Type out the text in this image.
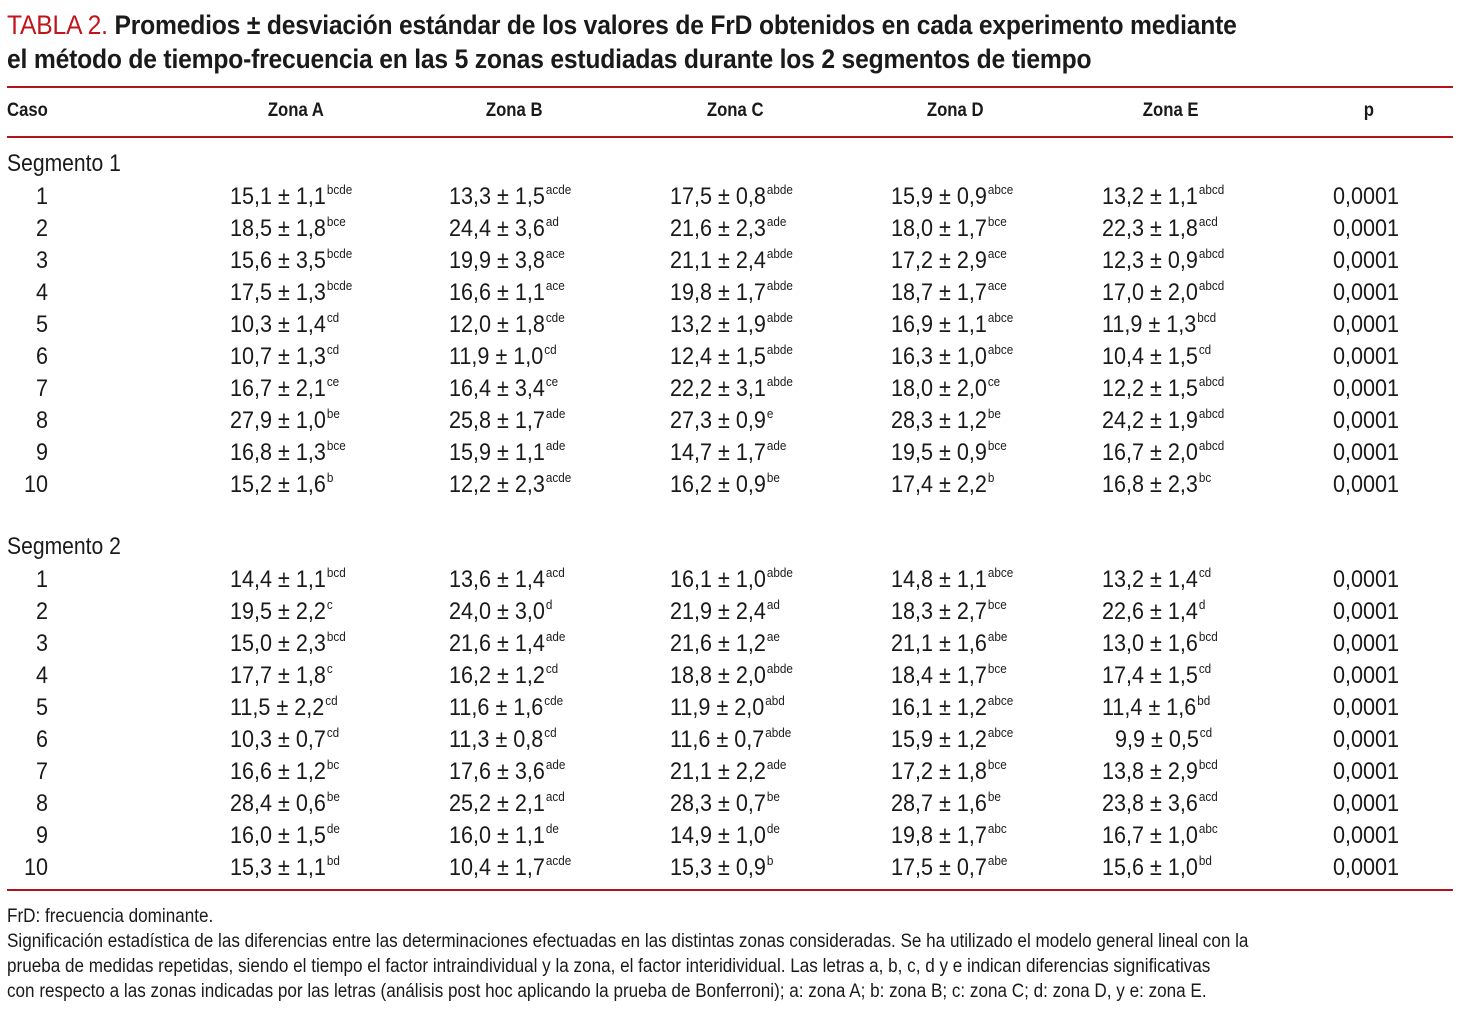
TABLA 2. Promedios ± desviación estándar de los valores de FrD obtenidos en cada experimento mediante
el método de tiempo-frecuencia en las 5 zonas estudiadas durante los 2 segmentos de tiempo
Caso	Zona A	Zona B	Zona C	Zona D	Zona E	p
Segmento 1
1	$15,1 \pm 1,1^{bcde}$	$13,3 \pm 1,5^{acde}$	$17,5 \pm 0,8^{abde}$	$15,9 \pm 0,9^{abce}$	$13,2 \pm 1,1^{abcd}$	0,0001
2	18,5 ± 1,8$^{bce}$	24,4 ± 3,6$^{ad}$	21,6 ± 2,3$^{ade}$	18,0 ± 1,7$^{bce}$	22,3 ± 1,8$^{acd}$	0,0001
3	$15,6 \pm 3,5^{bcde}$	19,9 ± 3,8$^{ace}$	$21,1 \pm 2,4^{abde}$	17,2 ± 2,9$^{ace}$	$12,3 \pm 0,9^{abcd}$	0,0001
4	$17,5 \pm 1,3^{bcde}$	16,6 ± 1,1$^{ace}$	$19,8 \pm 1,7^{abde}$	18,7 ± 1,7$^{ace}$	$17,0 \pm 2,0^{abcd}$	0,0001
5	10,3 ± 1,4$^{cd}$	12,0 ± 1,8$^{cde}$	$13,2 \pm 1,9^{abde}$	$16,9 \pm 1,1^{abce}$	11,9 ± 1,3$^{bcd}$	0,0001
6	10,7 ± 1,3$^{cd}$	11,9 ± 1,0$^{cd}$	$12,4 \pm 1,5^{abde}$	$16,3 \pm 1,0^{abce}$	10,4 ± 1,5$^{cd}$	0,0001
7	16,7 ± 2,1$^{ce}$	16,4 ± 3,4$^{ce}$	$22,2 \pm 3,1^{abde}$	18,0 ± 2,0$^{ce}$	$12,2 \pm 1,5^{abcd}$	0,0001
8	27,9 ± 1,0$^{be}$	25,8 ± 1,7$^{ade}$	27,3 ± 0,9$^e$	28,3 ± 1,2$^{be}$	$24,2 \pm 1,9^{abcd}$	0,0001
9	16,8 ± 1,3$^{bce}$	15,9 ± 1,1$^{ade}$	14,7 ± 1,7$^{ade}$	19,5 ± 0,9$^{bce}$	$16,7 \pm 2,0^{abcd}$	0,0001
10	15,2 ± 1,6$^b$	$12,2 \pm 2,3^{acde}$	16,2 ± 0,9$^{be}$	17,4 ± 2,2$^b$	16,8 ± 2,3$^{bc}$	0,0001
Segmento 2
1	14,4 ± 1,1$^{bcd}$	13,6 ± 1,4$^{acd}$	$16,1 \pm 1,0^{abde}$	$14,8 \pm 1,1^{abce}$	13,2 ± 1,4$^{cd}$	0,0001
2	19,5 ± 2,2$^c$	24,0 ± 3,0$^d$	21,9 ± 2,4$^{ad}$	18,3 ± 2,7$^{bce}$	22,6 ± 1,4$^d$	0,0001
3	15,0 ± 2,3$^{bcd}$	21,6 ± 1,4$^{ade}$	21,6 ± 1,2$^{ae}$	21,1 ± 1,6$^{abe}$	13,0 ± 1,6$^{bcd}$	0,0001
4	17,7 ± 1,8$^c$	16,2 ± 1,2$^{cd}$	$18,8 \pm 2,0^{abde}$	18,4 ± 1,7$^{bce}$	17,4 ± 1,5$^{cd}$	0,0001
5	11,5 ± 2,2$^{cd}$	11,6 ± 1,6$^{cde}$	11,9 ± 2,0$^{abd}$	$16,1 \pm 1,2^{abce}$	11,4 ± 1,6$^{bd}$	0,0001
6	10,3 ± 0,7$^{cd}$	11,3 ± 0,8$^{cd}$	$11,6 \pm 0,7^{abde}$	$15,9 \pm 1,2^{abce}$	9,9 ± 0,5$^{cd}$	0,0001
7	16,6 ± 1,2$^{bc}$	17,6 ± 3,6$^{ade}$	21,1 ± 2,2$^{ade}$	17,2 ± 1,8$^{bce}$	13,8 ± 2,9$^{bcd}$	0,0001
8	28,4 ± 0,6$^{be}$	25,2 ± 2,1$^{acd}$	28,3 ± 0,7$^{be}$	28,7 ± 1,6$^{be}$	23,8 ± 3,6$^{acd}$	0,0001
9	16,0 ± 1,5de	16,0 ± 1,1de	14,9 ± 1,0de	19,8 ± 1,7$^{abc}$	16,7 ± 1,0$^{abc}$	0,0001
10	15,3 ± 1,1$^{bd}$	$10,4 \pm 1,7^{acde}$	15,3 ± 0,9$^b$	17,5 ± 0,7$^{abe}$	15,6 ± 1,0$^{bd}$	0,0001
FrD: frecuencia dominante.
Significación estadística de las diferencias entre las determinaciones efectuadas en las distintas zonas consideradas. Se ha utilizado el modelo general lineal con la
prueba de medidas repetidas, siendo el tiempo el factor intraindividual y la zona, el factor interidividual. Las letras a, b, c, d y e indican diferencias significativas
con respecto a las zonas indicadas por las letras (análisis post hoc aplicando la prueba de Bonferroni); a: zona A; b: zona B; c: zona C; d: zona D, y e: zona E.
